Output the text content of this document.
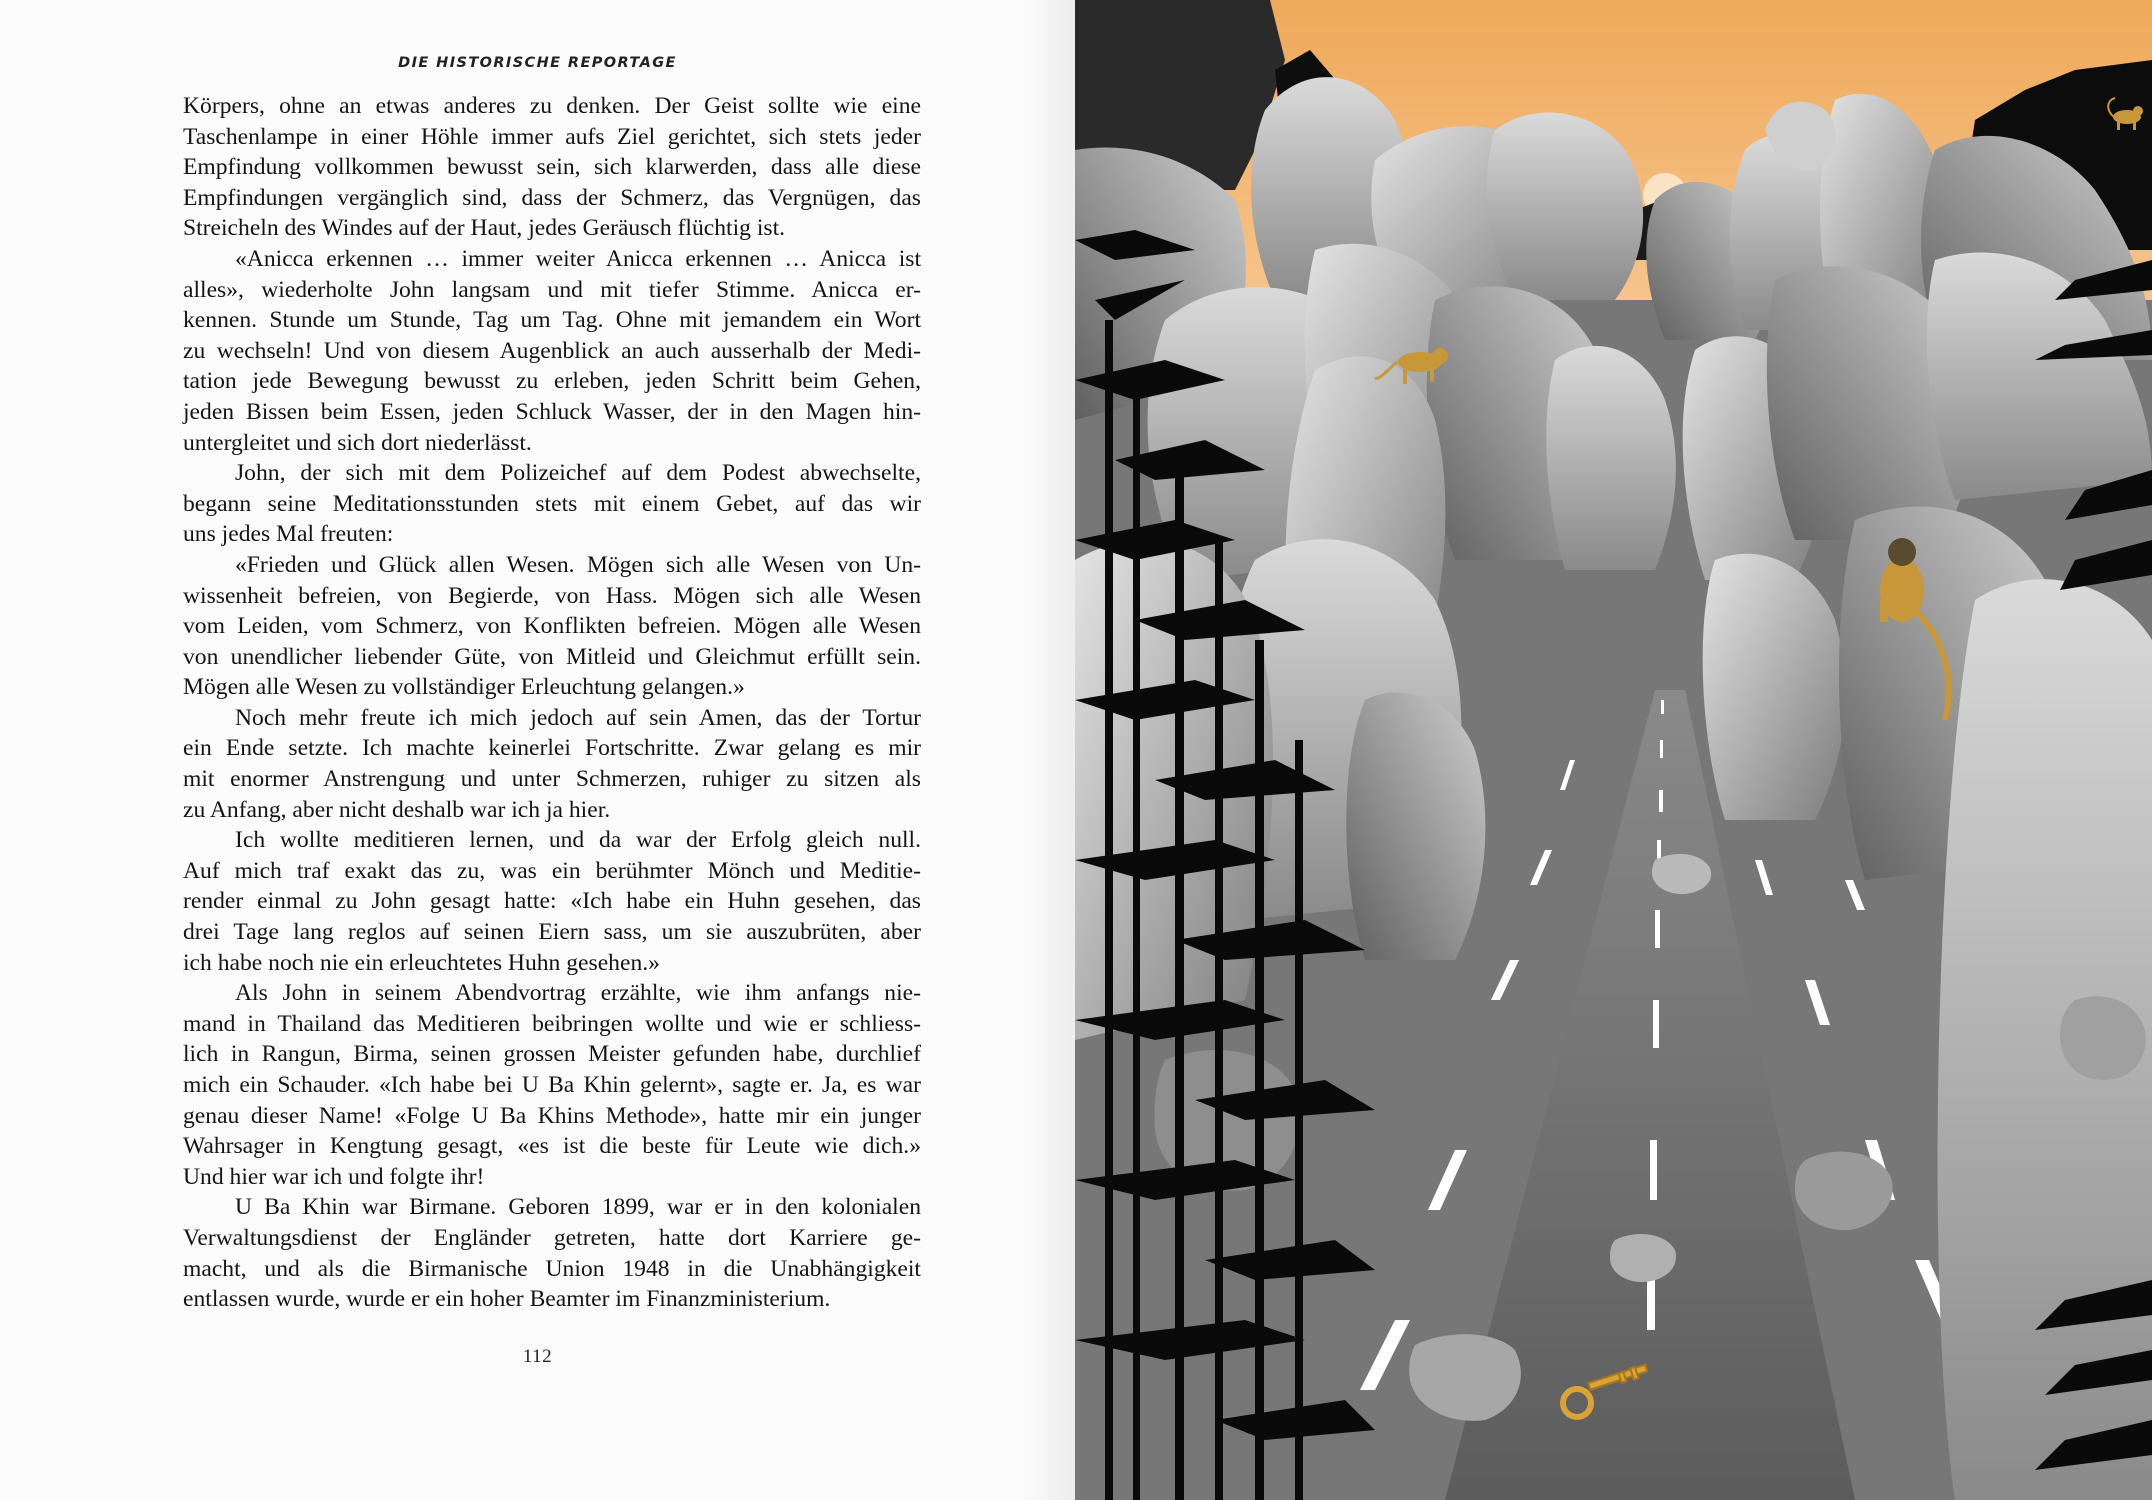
DIE HISTORISCHE REPORTAGE

Körpers, ohne an etwas anderes zu denken. Der Geist sollte wie eine
Taschenlampe in einer Höhle immer aufs Ziel gerichtet, sich stets jeder
Empfindung vollkommen bewusst sein, sich klarwerden, dass alle diese
Empfindungen vergänglich sind, dass der Schmerz, das Vergnügen, das
Streicheln des Windes auf der Haut, jedes Geräusch flüchtig ist.

«Anicca erkennen … immer weiter Anicca erkennen … Anicca ist
alles», wiederholte John langsam und mit tiefer Stimme. Anicca er-
kennen. Stunde um Stunde, Tag um Tag. Ohne mit jemandem ein Wort
zu wechseln! Und von diesem Augenblick an auch ausserhalb der Medi-
tation jede Bewegung bewusst zu erleben, jeden Schritt beim Gehen,
jeden Bissen beim Essen, jeden Schluck Wasser, der in den Magen hin-
untergleitet und sich dort niederlässt.

John, der sich mit dem Polizeichef auf dem Podest abwechselte,
begann seine Meditationsstunden stets mit einem Gebet, auf das wir
uns jedes Mal freuten:

«Frieden und Glück allen Wesen. Mögen sich alle Wesen von Un-
wissenheit befreien, von Begierde, von Hass. Mögen sich alle Wesen
vom Leiden, vom Schmerz, von Konflikten befreien. Mögen alle Wesen
von unendlicher liebender Güte, von Mitleid und Gleichmut erfüllt sein.
Mögen alle Wesen zu vollständiger Erleuchtung gelangen.»

Noch mehr freute ich mich jedoch auf sein Amen, das der Tortur
ein Ende setzte. Ich machte keinerlei Fortschritte. Zwar gelang es mir
mit enormer Anstrengung und unter Schmerzen, ruhiger zu sitzen als
zu Anfang, aber nicht deshalb war ich ja hier.

Ich wollte meditieren lernen, und da war der Erfolg gleich null.
Auf mich traf exakt das zu, was ein berühmter Mönch und Meditie-
render einmal zu John gesagt hatte: «Ich habe ein Huhn gesehen, das
drei Tage lang reglos auf seinen Eiern sass, um sie auszubrüten, aber
ich habe noch nie ein erleuchtetes Huhn gesehen.»

Als John in seinem Abendvortrag erzählte, wie ihm anfangs nie-
mand in Thailand das Meditieren beibringen wollte und wie er schliess-
lich in Rangun, Birma, seinen grossen Meister gefunden habe, durchlief
mich ein Schauder. «Ich habe bei U Ba Khin gelernt», sagte er. Ja, es war
genau dieser Name! «Folge U Ba Khins Methode», hatte mir ein junger
Wahrsager in Kengtung gesagt, «es ist die beste für Leute wie dich.»
Und hier war ich und folgte ihr!

U Ba Khin war Birmane. Geboren 1899, war er in den kolonialen
Verwaltungsdienst der Engländer getreten, hatte dort Karriere ge-
macht, und als die Birmanische Union 1948 in die Unabhängigkeit
entlassen wurde, wurde er ein hoher Beamter im Finanzministerium.

112
